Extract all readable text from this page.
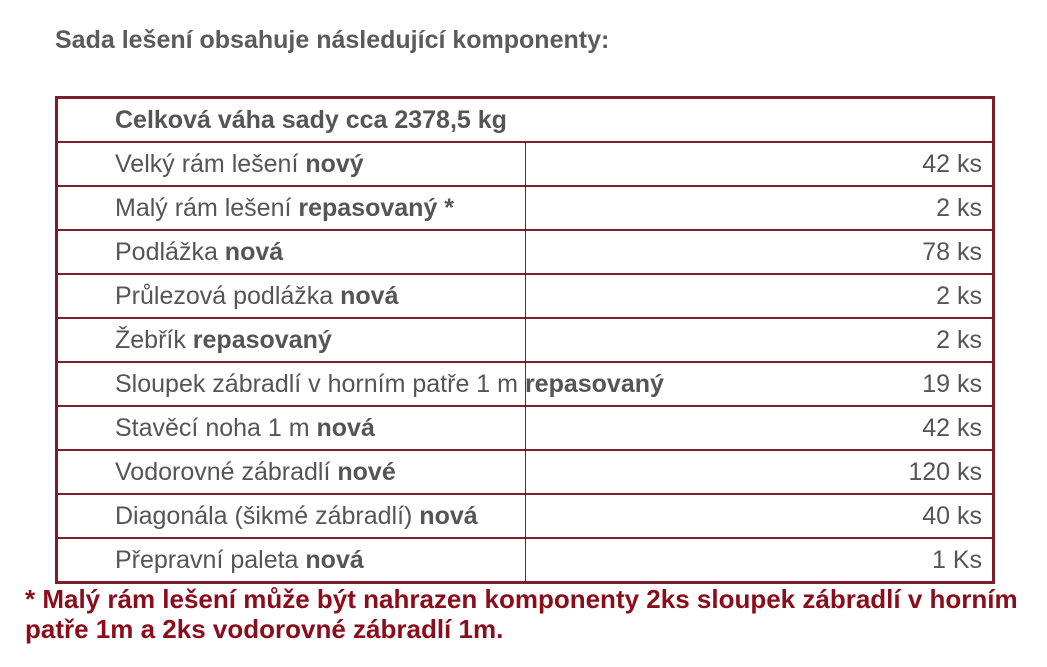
Sada lešení obsahuje následující komponenty:
Celková váha sady cca 2378,5 kg	
Velký rám lešení nový	42 ks
Malý rám lešení repasovaný *	2 ks
Podlážka nová	78 ks
Průlezová podlážka nová	2 ks
Žebřík repasovaný	2 ks
Sloupek zábradlí v horním patře 1 m repasovaný	19 ks
Stavěcí noha 1 m nová	42 ks
Vodorovné zábradlí nové	120 ks
Diagonála (šikmé zábradlí) nová	40 ks
Přepravní paleta nová	1 Ks
* Malý rám lešení může být nahrazen komponenty 2ks sloupek zábradlí v horním patře 1m a 2ks vodorovné zábradlí 1m.
